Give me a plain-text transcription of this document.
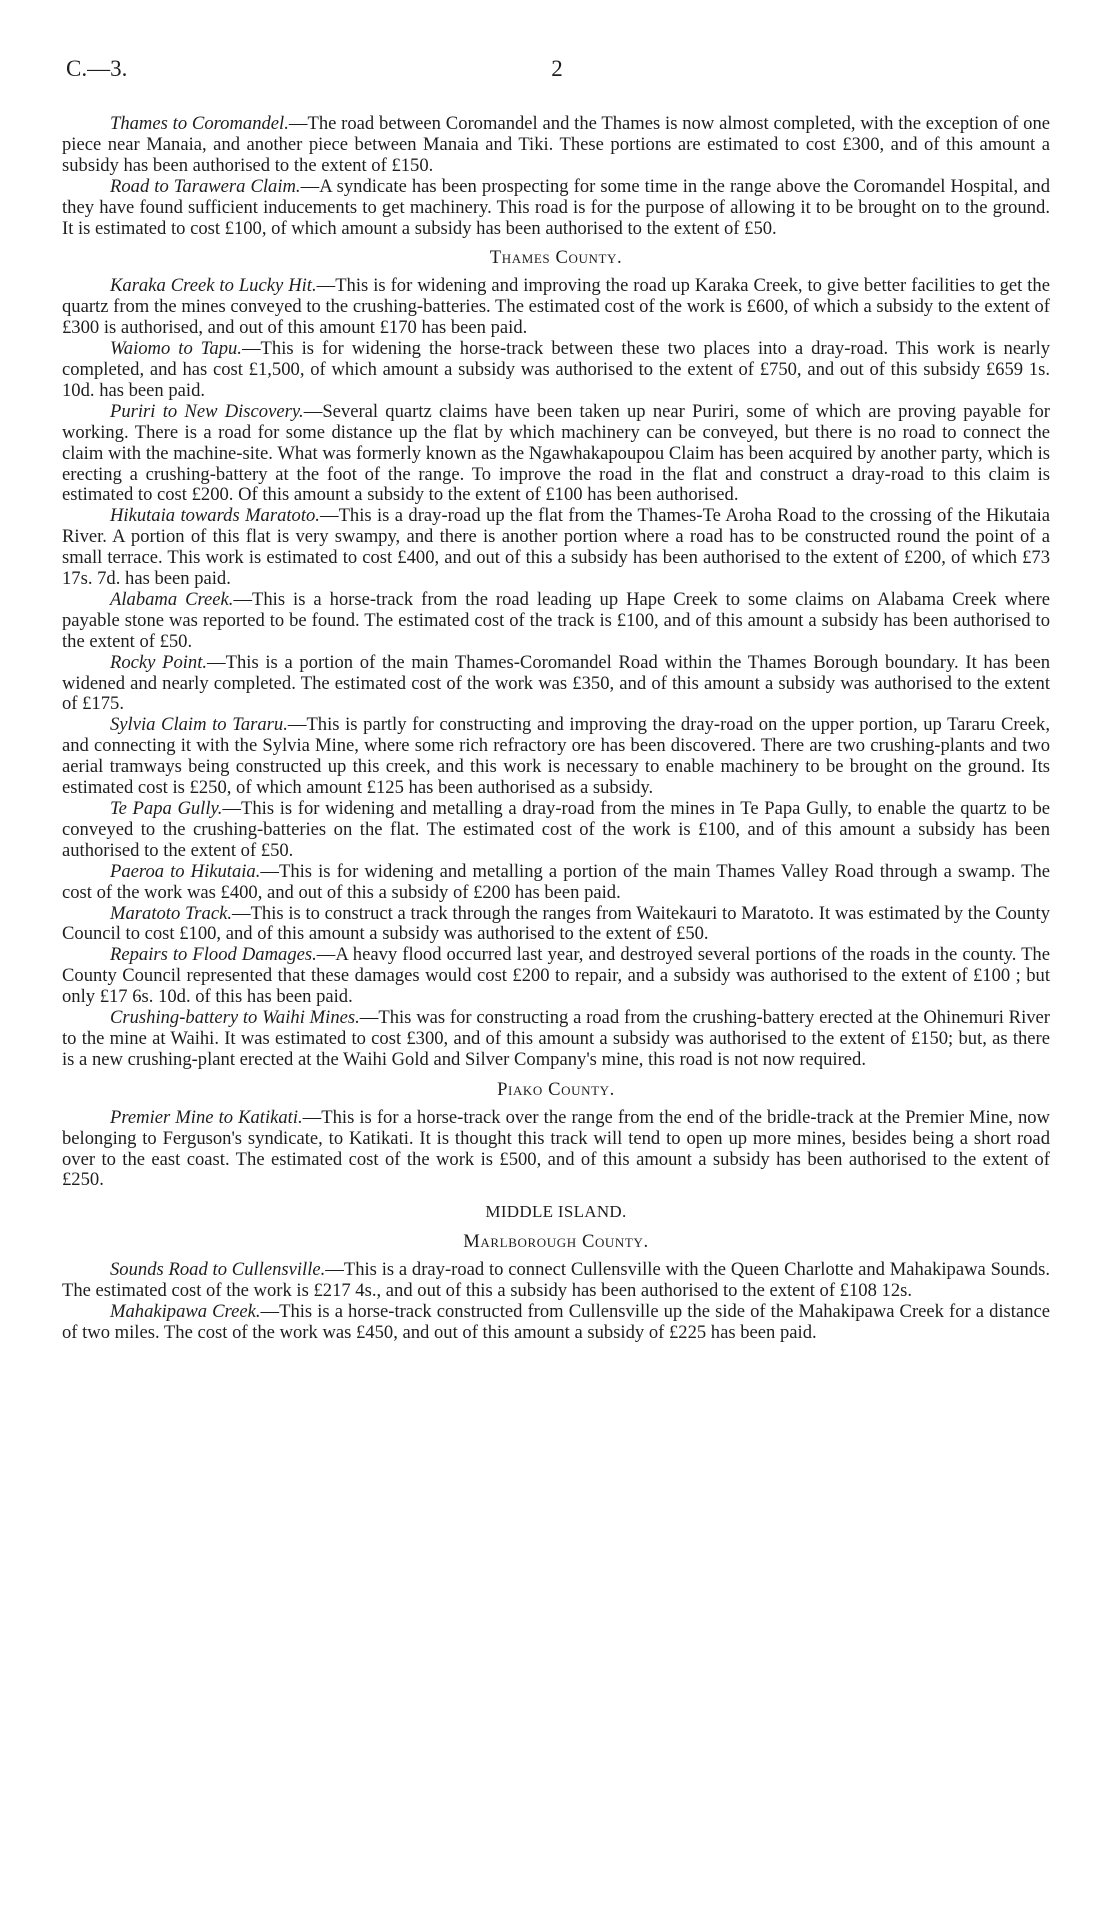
C.—3.	2

Thames to Coromandel.—The road between Coromandel and the Thames is now almost completed, with the exception of one piece near Manaia, and another piece between Manaia and Tiki. These portions are estimated to cost £300, and of this amount a subsidy has been authorised to the extent of £150.

Road to Tarawera Claim.—A syndicate has been prospecting for some time in the range above the Coromandel Hospital, and they have found sufficient inducements to get machinery. This road is for the purpose of allowing it to be brought on to the ground. It is estimated to cost £100, of which amount a subsidy has been authorised to the extent of £50.

Thames County.

Karaka Creek to Lucky Hit.—This is for widening and improving the road up Karaka Creek, to give better facilities to get the quartz from the mines conveyed to the crushing-batteries. The estimated cost of the work is £600, of which a subsidy to the extent of £300 is authorised, and out of this amount £170 has been paid.

Waiomo to Tapu.—This is for widening the horse-track between these two places into a dray-road. This work is nearly completed, and has cost £1,500, of which amount a subsidy was authorised to the extent of £750, and out of this subsidy £659 1s. 10d. has been paid.

Puriri to New Discovery.—Several quartz claims have been taken up near Puriri, some of which are proving payable for working. There is a road for some distance up the flat by which machinery can be conveyed, but there is no road to connect the claim with the machine-site. What was formerly known as the Ngawhakapoupou Claim has been acquired by another party, which is erecting a crushing-battery at the foot of the range. To improve the road in the flat and construct a dray-road to this claim is estimated to cost £200. Of this amount a subsidy to the extent of £100 has been authorised.

Hikutaia towards Maratoto.—This is a dray-road up the flat from the Thames-Te Aroha Road to the crossing of the Hikutaia River. A portion of this flat is very swampy, and there is another portion where a road has to be constructed round the point of a small terrace. This work is estimated to cost £400, and out of this a subsidy has been authorised to the extent of £200, of which £73 17s. 7d. has been paid.

Alabama Creek.—This is a horse-track from the road leading up Hape Creek to some claims on Alabama Creek where payable stone was reported to be found. The estimated cost of the track is £100, and of this amount a subsidy has been authorised to the extent of £50.

Rocky Point.—This is a portion of the main Thames-Coromandel Road within the Thames Borough boundary. It has been widened and nearly completed. The estimated cost of the work was £350, and of this amount a subsidy was authorised to the extent of £175.

Sylvia Claim to Tararu.—This is partly for constructing and improving the dray-road on the upper portion, up Tararu Creek, and connecting it with the Sylvia Mine, where some rich refractory ore has been discovered. There are two crushing-plants and two aerial tramways being constructed up this creek, and this work is necessary to enable machinery to be brought on the ground. Its estimated cost is £250, of which amount £125 has been authorised as a subsidy.

Te Papa Gully.—This is for widening and metalling a dray-road from the mines in Te Papa Gully, to enable the quartz to be conveyed to the crushing-batteries on the flat. The estimated cost of the work is £100, and of this amount a subsidy has been authorised to the extent of £50.

Paeroa to Hikutaia.—This is for widening and metalling a portion of the main Thames Valley Road through a swamp. The cost of the work was £400, and out of this a subsidy of £200 has been paid.

Maratoto Track.—This is to construct a track through the ranges from Waitekauri to Maratoto. It was estimated by the County Council to cost £100, and of this amount a subsidy was authorised to the extent of £50.

Repairs to Flood Damages.—A heavy flood occurred last year, and destroyed several portions of the roads in the county. The County Council represented that these damages would cost £200 to repair, and a subsidy was authorised to the extent of £100 ; but only £17 6s. 10d. of this has been paid.

Crushing-battery to Waihi Mines.—This was for constructing a road from the crushing-battery erected at the Ohinemuri River to the mine at Waihi. It was estimated to cost £300, and of this amount a subsidy was authorised to the extent of £150; but, as there is a new crushing-plant erected at the Waihi Gold and Silver Company's mine, this road is not now required.

Piako County.

Premier Mine to Katikati.—This is for a horse-track over the range from the end of the bridle-track at the Premier Mine, now belonging to Ferguson's syndicate, to Katikati. It is thought this track will tend to open up more mines, besides being a short road over to the east coast. The estimated cost of the work is £500, and of this amount a subsidy has been authorised to the extent of £250.

MIDDLE ISLAND.
Marlborough County.

Sounds Road to Cullensville.—This is a dray-road to connect Cullensville with the Queen Charlotte and Mahakipawa Sounds. The estimated cost of the work is £217 4s., and out of this a subsidy has been authorised to the extent of £108 12s.

Mahakipawa Creek.—This is a horse-track constructed from Cullensville up the side of the Mahakipawa Creek for a distance of two miles. The cost of the work was £450, and out of this amount a subsidy of £225 has been paid.
